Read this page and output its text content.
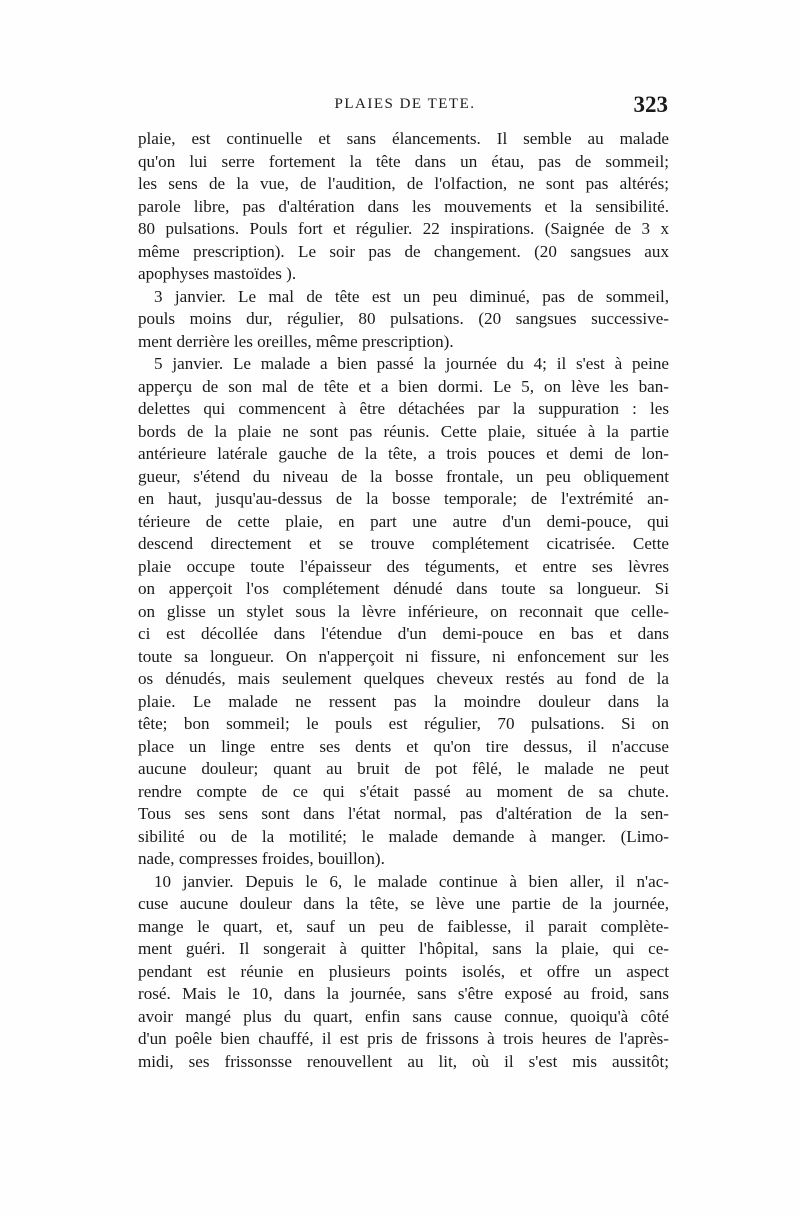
PLAIES DE TETE.	323
plaie, est continuelle et sans élancements. Il semble au malade
qu'on lui serre fortement la tête dans un étau, pas de sommeil;
les sens de la vue, de l'audition, de l'olfaction, ne sont pas altérés;
parole libre, pas d'altération dans les mouvements et la sensibilité.
80 pulsations. Pouls fort et régulier. 22 inspirations. (Saignée de 3 x
même prescription). Le soir pas de changement. (20 sangsues aux
apophyses mastoïdes ).
3 janvier. Le mal de tête est un peu diminué, pas de sommeil,
pouls moins dur, régulier, 80 pulsations. (20 sangsues successive-
ment derrière les oreilles, même prescription).
5 janvier. Le malade a bien passé la journée du 4; il s'est à peine
apperçu de son mal de tête et a bien dormi. Le 5, on lève les ban-
delettes qui commencent à être détachées par la suppuration : les
bords de la plaie ne sont pas réunis. Cette plaie, située à la partie
antérieure latérale gauche de la tête, a trois pouces et demi de lon-
gueur, s'étend du niveau de la bosse frontale, un peu obliquement
en haut, jusqu'au-dessus de la bosse temporale; de l'extrémité an-
térieure de cette plaie, en part une autre d'un demi-pouce, qui
descend directement et se trouve complétement cicatrisée. Cette
plaie occupe toute l'épaisseur des téguments, et entre ses lèvres
on apperçoit l'os complétement dénudé dans toute sa longueur. Si
on glisse un stylet sous la lèvre inférieure, on reconnait que celle-
ci est décollée dans l'étendue d'un demi-pouce en bas et dans
toute sa longueur. On n'apperçoit ni fissure, ni enfoncement sur les
os dénudés, mais seulement quelques cheveux restés au fond de la
plaie. Le malade ne ressent pas la moindre douleur dans la
tête; bon sommeil; le pouls est régulier, 70 pulsations. Si on
place un linge entre ses dents et qu'on tire dessus, il n'accuse
aucune douleur; quant au bruit de pot fêlé, le malade ne peut
rendre compte de ce qui s'était passé au moment de sa chute.
Tous ses sens sont dans l'état normal, pas d'altération de la sen-
sibilité ou de la motilité; le malade demande à manger. (Limo-
nade, compresses froides, bouillon).
10 janvier. Depuis le 6, le malade continue à bien aller, il n'ac-
cuse aucune douleur dans la tête, se lève une partie de la journée,
mange le quart, et, sauf un peu de faiblesse, il parait complète-
ment guéri. Il songerait à quitter l'hôpital, sans la plaie, qui ce-
pendant est réunie en plusieurs points isolés, et offre un aspect
rosé. Mais le 10, dans la journée, sans s'être exposé au froid, sans
avoir mangé plus du quart, enfin sans cause connue, quoiqu'à côté
d'un poêle bien chauffé, il est pris de frissons à trois heures de l'après-
midi, ses frissonsse renouvellent au lit, où il s'est mis aussitôt;
